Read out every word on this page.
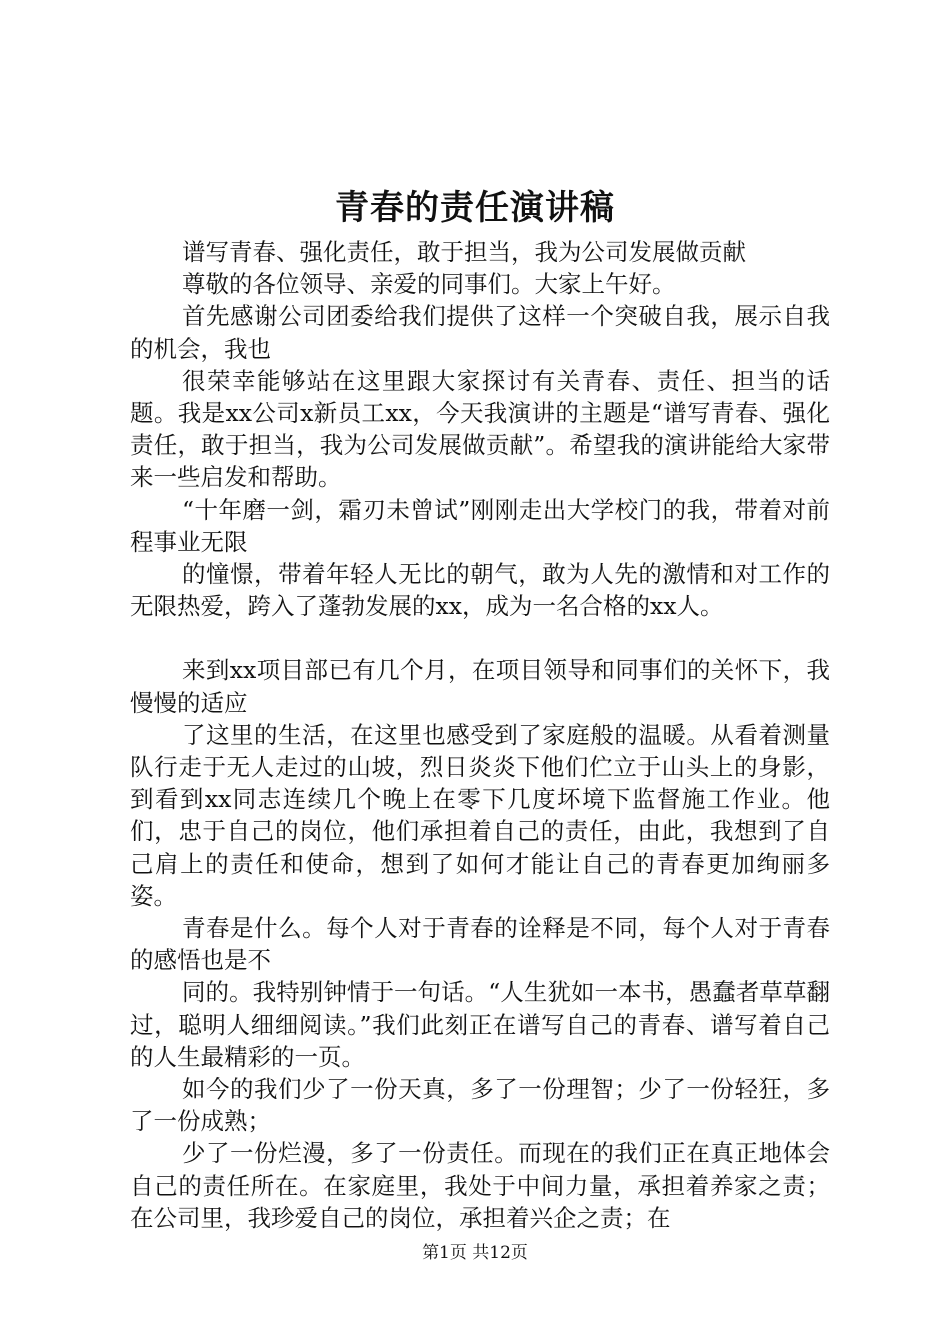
青春的责任演讲稿

谱写青春、强化责任，敢于担当，我为公司发展做贡献

尊敬的各位领导、亲爱的同事们。大家上午好。

首先感谢公司团委给我们提供了这样一个突破自我，展示自我的机会，我也

很荣幸能够站在这里跟大家探讨有关青春、责任、担当的话题。我是xx公司x新员工xx，今天我演讲的主题是“谱写青春、强化责任，敢于担当，我为公司发展做贡献”。希望我的演讲能给大家带来一些启发和帮助。

“十年磨一剑，霜刃未曾试”刚刚走出大学校门的我，带着对前程事业无限

的憧憬，带着年轻人无比的朝气，敢为人先的激情和对工作的无限热爱，跨入了蓬勃发展的xx，成为一名合格的xx人。

来到xx项目部已有几个月，在项目领导和同事们的关怀下，我慢慢的适应

了这里的生活，在这里也感受到了家庭般的温暖。从看着测量队行走于无人走过的山坡，烈日炎炎下他们伫立于山头上的身影，到看到xx同志连续几个晚上在零下几度坏境下监督施工作业。他们，忠于自己的岗位，他们承担着自己的责任，由此，我想到了自己肩上的责任和使命，想到了如何才能让自己的青春更加绚丽多姿。

青春是什么。每个人对于青春的诠释是不同，每个人对于青春的感悟也是不

同的。我特别钟情于一句话。“人生犹如一本书，愚蠢者草草翻过，聪明人细细阅读。”我们此刻正在谱写自己的青春、谱写着自己的人生最精彩的一页。

如今的我们少了一份天真，多了一份理智；少了一份轻狂，多了一份成熟；

少了一份烂漫，多了一份责任。而现在的我们正在真正地体会自己的责任所在。在家庭里，我处于中间力量，承担着养家之责；在公司里，我珍爱自己的岗位，承担着兴企之责；在

第1页 共12页
